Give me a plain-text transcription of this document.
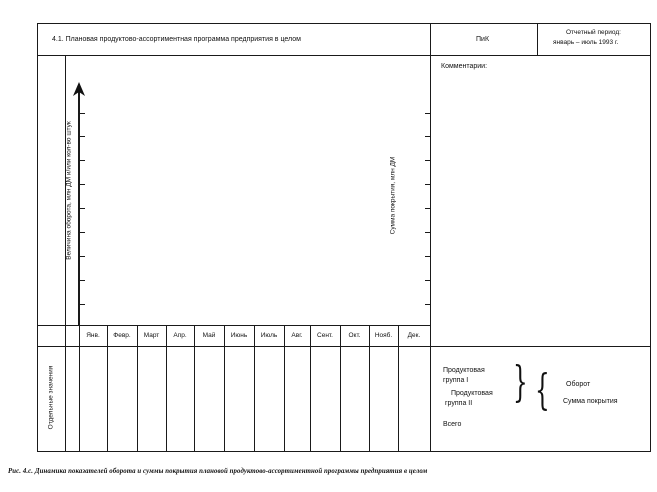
4.1. Плановая продуктово-ассортиментная программа предприятия в целом	ПиК
Отчетный период:
январь – июль 1993 г.
Комментарии:
Величина оборота, млн ДМ и/или кол-во штук	Сумма покрытия, млн ДМ
Отдельные значения
Янв.	Февр.	Март	Апр.	Май	Июнь	Июль	Авг.	Сент.	Окт.	Нояб.	Дек.
Продуктовая
группа I
Продуктовая
группа II
Всего
} { Оборот
Сумма покрытия
Рис. 4.с. Динамика показателей оборота и суммы покрытия плановой продуктово-ассортиментной программы предприятия в целом
